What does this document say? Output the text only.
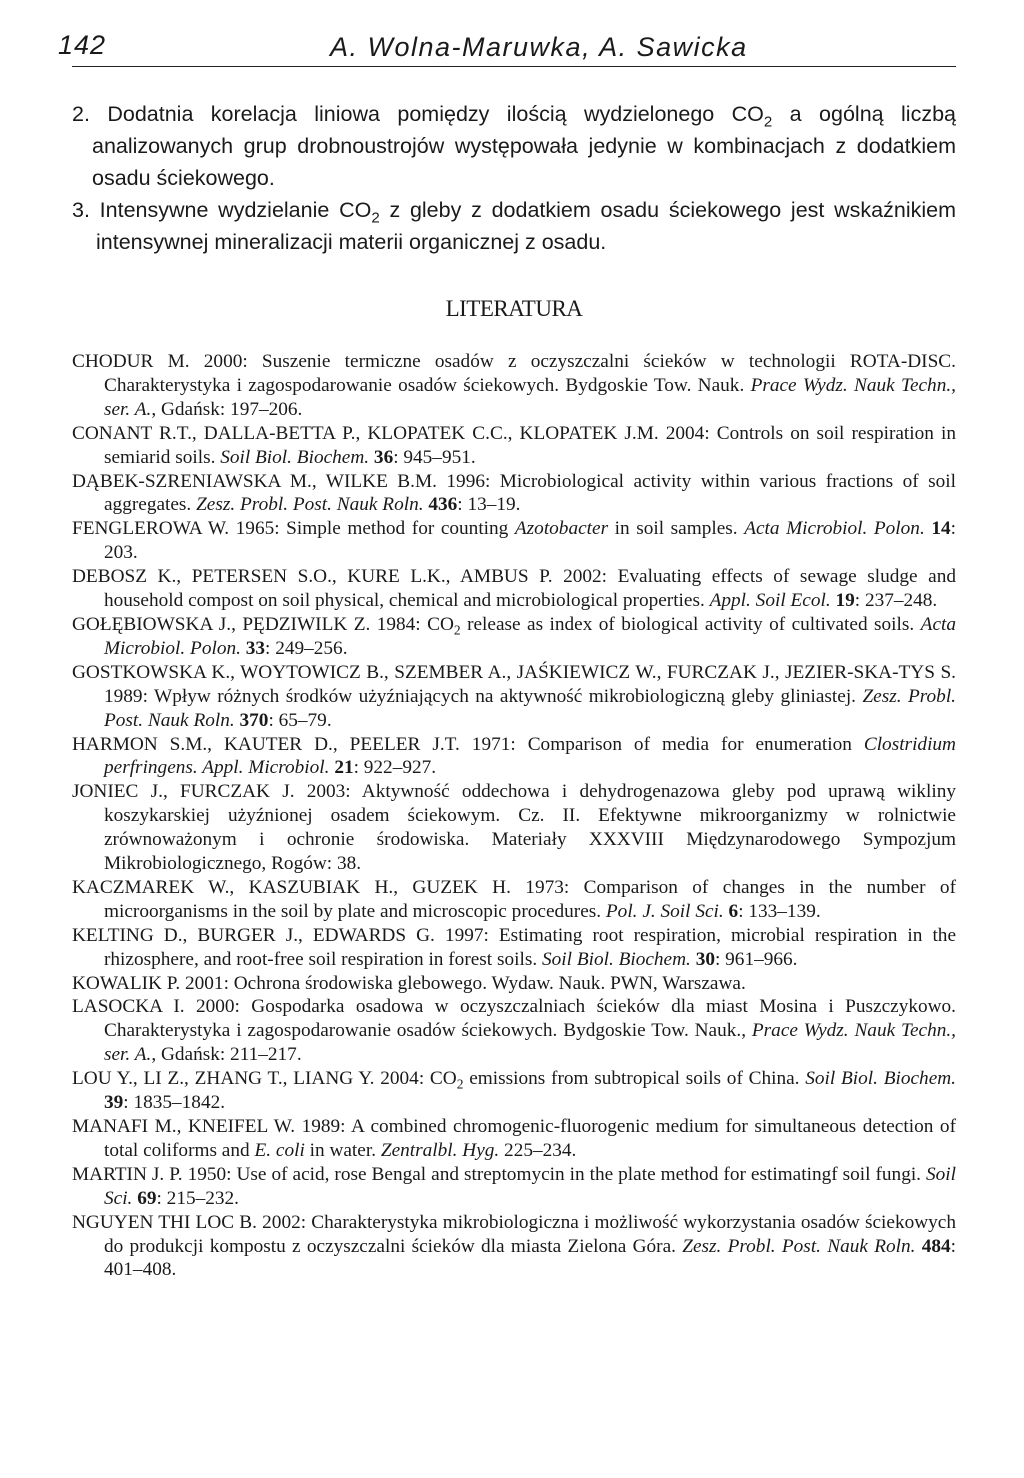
142	A. Wolna-Maruwka, A. Sawicka

2. Dodatnia korelacja liniowa pomiędzy ilością wydzielonego $CO_2$ a ogólną liczbą analizowanych grup drobnoustrojów występowała jedynie w kombinacjach z dodatkiem osadu ściekowego.

3. Intensywne wydzielanie $CO_2$ z gleby z dodatkiem osadu ściekowego jest wskaźnikiem intensywnej mineralizacji materii organicznej z osadu.

LITERATURA

CHODUR M. 2000: Suszenie termiczne osadów z oczyszczalni ścieków w technologii ROTA-DISC. Charakterystyka i zagospodarowanie osadów ściekowych. Bydgoskie Tow. Nauk. Prace Wydz. Nauk Techn., ser. A., Gdańsk: 197–206.

CONANT R.T., DALLA-BETTA P., KLOPATEK C.C., KLOPATEK J.M. 2004: Controls on soil respiration in semiarid soils. Soil Biol. Biochem. 36: 945–951.

DĄBEK-SZRENIAWSKA M., WILKE B.M. 1996: Microbiological activity within various fractions of soil aggregates. Zesz. Probl. Post. Nauk Roln. 436: 13–19.

FENGLEROWA W. 1965: Simple method for counting Azotobacter in soil samples. Acta Microbiol. Polon. 14: 203.

DEBOSZ K., PETERSEN S.O., KURE L.K., AMBUS P. 2002: Evaluating effects of sewage sludge and household compost on soil physical, chemical and microbiological properties. Appl. Soil Ecol. 19: 237–248.

GOŁĘBIOWSKA J., PĘDZIWILK Z. 1984: $CO_2$ release as index of biological activity of cultivated soils. Acta Microbiol. Polon. 33: 249–256.

GOSTKOWSKA K., WOYTOWICZ B., SZEMBER A., JAŚKIEWICZ W., FURCZAK J., JEZIER-SKA-TYS S. 1989: Wpływ różnych środków użyźniających na aktywność mikrobiologiczną gleby gliniastej. Zesz. Probl. Post. Nauk Roln. 370: 65–79.

HARMON S.M., KAUTER D., PEELER J.T. 1971: Comparison of media for enumeration Clostridium perfringens. Appl. Microbiol. 21: 922–927.

JONIEC J., FURCZAK J. 2003: Aktywność oddechowa i dehydrogenazowa gleby pod uprawą wikliny koszykarskiej użyźnionej osadem ściekowym. Cz. II. Efektywne mikroorganizmy w rolnictwie zrównoważonym i ochronie środowiska. Materiały XXXVIII Międzynarodowego Sympozjum Mikrobiologicznego, Rogów: 38.

KACZMAREK W., KASZUBIAK H., GUZEK H. 1973: Comparison of changes in the number of microorganisms in the soil by plate and microscopic procedures. Pol. J. Soil Sci. 6: 133–139.

KELTING D., BURGER J., EDWARDS G. 1997: Estimating root respiration, microbial respiration in the rhizosphere, and root-free soil respiration in forest soils. Soil Biol. Biochem. 30: 961–966.

KOWALIK P. 2001: Ochrona środowiska glebowego. Wydaw. Nauk. PWN, Warszawa.

LASOCKA I. 2000: Gospodarka osadowa w oczyszczalniach ścieków dla miast Mosina i Puszczykowo. Charakterystyka i zagospodarowanie osadów ściekowych. Bydgoskie Tow. Nauk., Prace Wydz. Nauk Techn., ser. A., Gdańsk: 211–217.

LOU Y., LI Z., ZHANG T., LIANG Y. 2004: $CO_2$ emissions from subtropical soils of China. Soil Biol. Biochem. 39: 1835–1842.

MANAFI M., KNEIFEL W. 1989: A combined chromogenic-fluorogenic medium for simultaneous detection of total coliforms and E. coli in water. Zentralbl. Hyg. 225–234.

MARTIN J. P. 1950: Use of acid, rose Bengal and streptomycin in the plate method for estimatingf soil fungi. Soil Sci. 69: 215–232.

NGUYEN THI LOC B. 2002: Charakterystyka mikrobiologiczna i możliwość wykorzystania osadów ściekowych do produkcji kompostu z oczyszczalni ścieków dla miasta Zielona Góra. Zesz. Probl. Post. Nauk Roln. 484: 401–408.
